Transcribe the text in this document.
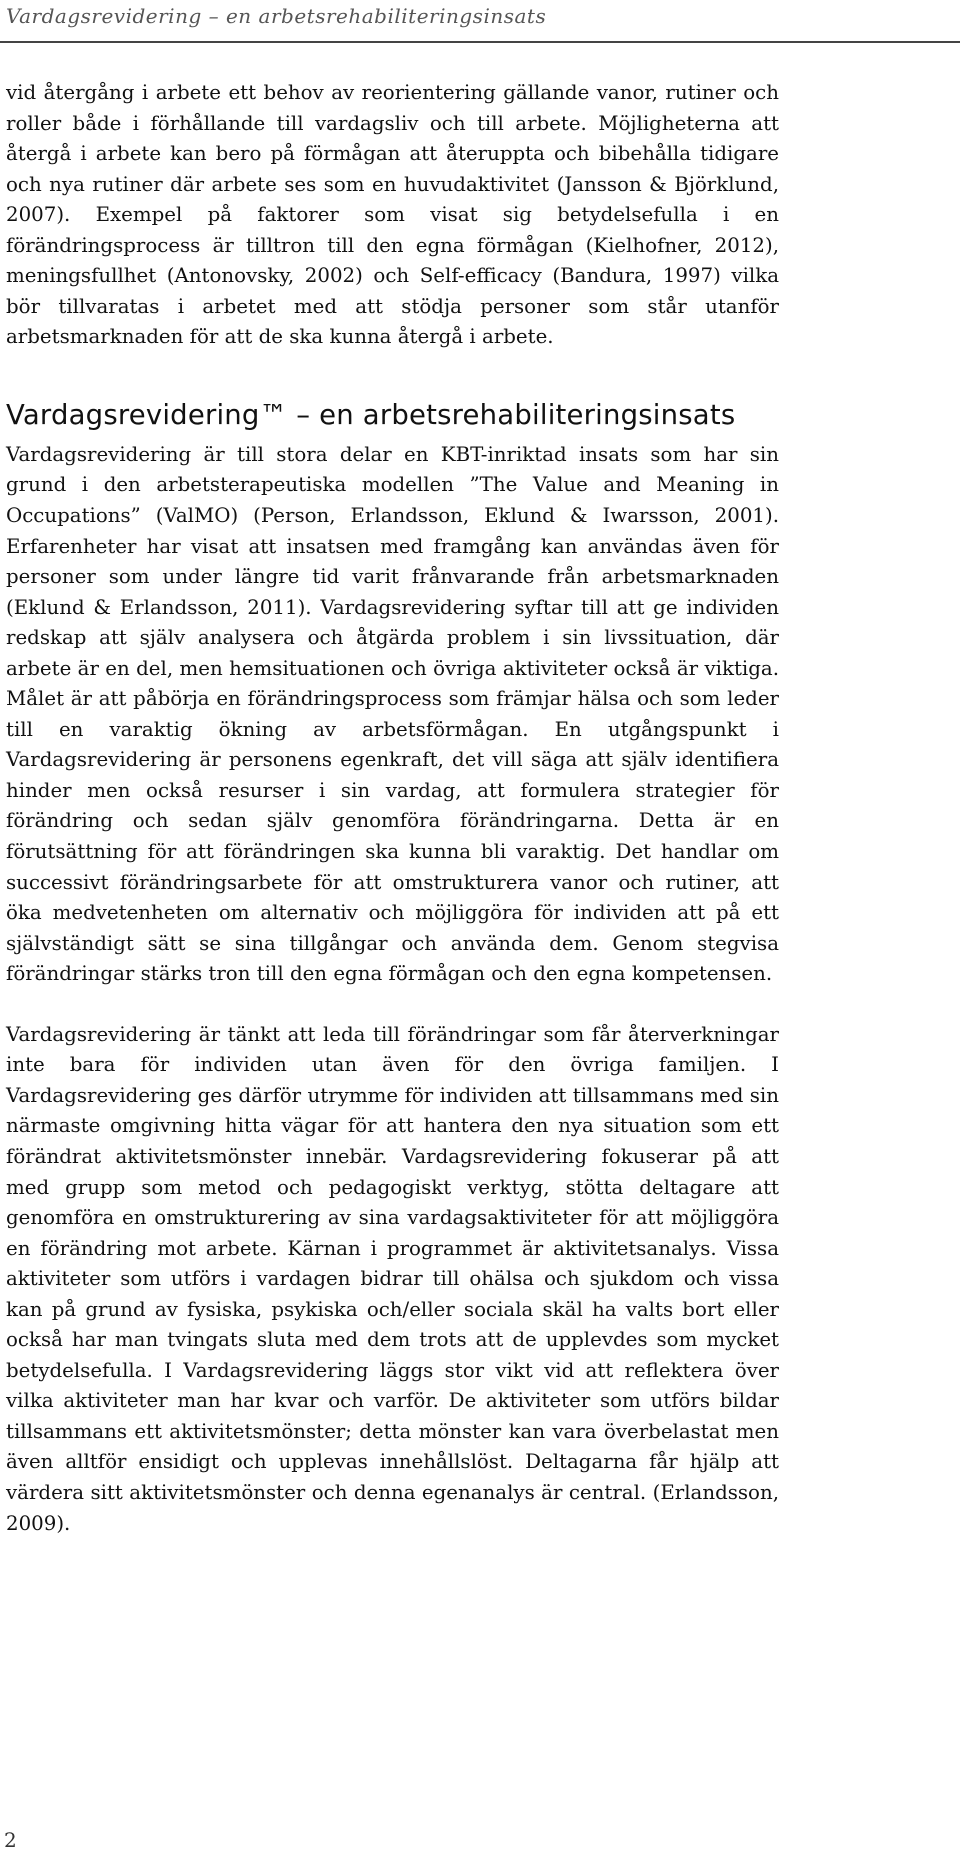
Vardagsrevidering – en arbetsrehabiliteringsinsats

vid återgång i arbete ett behov av reorientering gällande vanor, rutiner och roller både i förhållande till vardagsliv och till arbete. Möjligheterna att återgå i arbete kan bero på förmågan att återuppta och bibehålla tidigare och nya rutiner där arbete ses som en huvudaktivitet (Jansson & Björklund, 2007). Exempel på faktorer som visat sig betydelsefulla i en förändringsprocess är tilltron till den egna förmågan (Kielhofner, 2012), meningsfullhet (Antonovsky, 2002) och Self-efficacy (Bandura, 1997) vilka bör tillvaratas i arbetet med att stödja personer som står utanför arbetsmarknaden för att de ska kunna återgå i arbete.

Vardagsrevidering™ – en arbetsrehabiliteringsinsats

Vardagsrevidering är till stora delar en KBT-inriktad insats som har sin grund i den arbetsterapeutiska modellen ”The Value and Meaning in Occupations” (ValMO) (Person, Erlandsson, Eklund & Iwarsson, 2001). Erfarenheter har visat att insatsen med framgång kan användas även för personer som under längre tid varit frånvarande från arbetsmarknaden (Eklund & Erlandsson, 2011). Vardagsrevidering syftar till att ge individen redskap att själv analysera och åtgärda problem i sin livssituation, där arbete är en del, men hemsituationen och övriga aktiviteter också är viktiga. Målet är att påbörja en förändringsprocess som främjar hälsa och som leder till en varaktig ökning av arbetsförmågan. En utgångspunkt i Vardagsrevidering är personens egenkraft, det vill säga att själv identifiera hinder men också resurser i sin vardag, att formulera strategier för förändring och sedan själv genomföra förändringarna. Detta är en förutsättning för att förändringen ska kunna bli varaktig. Det handlar om successivt förändringsarbete för att omstrukturera vanor och rutiner, att öka medvetenheten om alternativ och möjliggöra för individen att på ett självständigt sätt se sina tillgångar och använda dem. Genom stegvisa förändringar stärks tron till den egna förmågan och den egna kompetensen.

Vardagsrevidering är tänkt att leda till förändringar som får återverkningar inte bara för individen utan även för den övriga familjen. I Vardagsrevidering ges därför utrymme för individen att tillsammans med sin närmaste omgivning hitta vägar för att hantera den nya situation som ett förändrat aktivitetsmönster innebär. Vardagsrevidering fokuserar på att med grupp som metod och pedagogiskt verktyg, stötta deltagare att genomföra en omstrukturering av sina vardagsaktiviteter för att möjliggöra en förändring mot arbete. Kärnan i programmet är aktivitetsanalys. Vissa aktiviteter som utförs i vardagen bidrar till ohälsa och sjukdom och vissa kan på grund av fysiska, psykiska och/eller sociala skäl ha valts bort eller också har man tvingats sluta med dem trots att de upplevdes som mycket betydelsefulla. I Vardagsrevidering läggs stor vikt vid att reflektera över vilka aktiviteter man har kvar och varför. De aktiviteter som utförs bildar tillsammans ett aktivitetsmönster; detta mönster kan vara överbelastat men även alltför ensidigt och upplevas innehållslöst. Deltagarna får hjälp att värdera sitt aktivitetsmönster och denna egenanalys är central. (Erlandsson, 2009).

2
